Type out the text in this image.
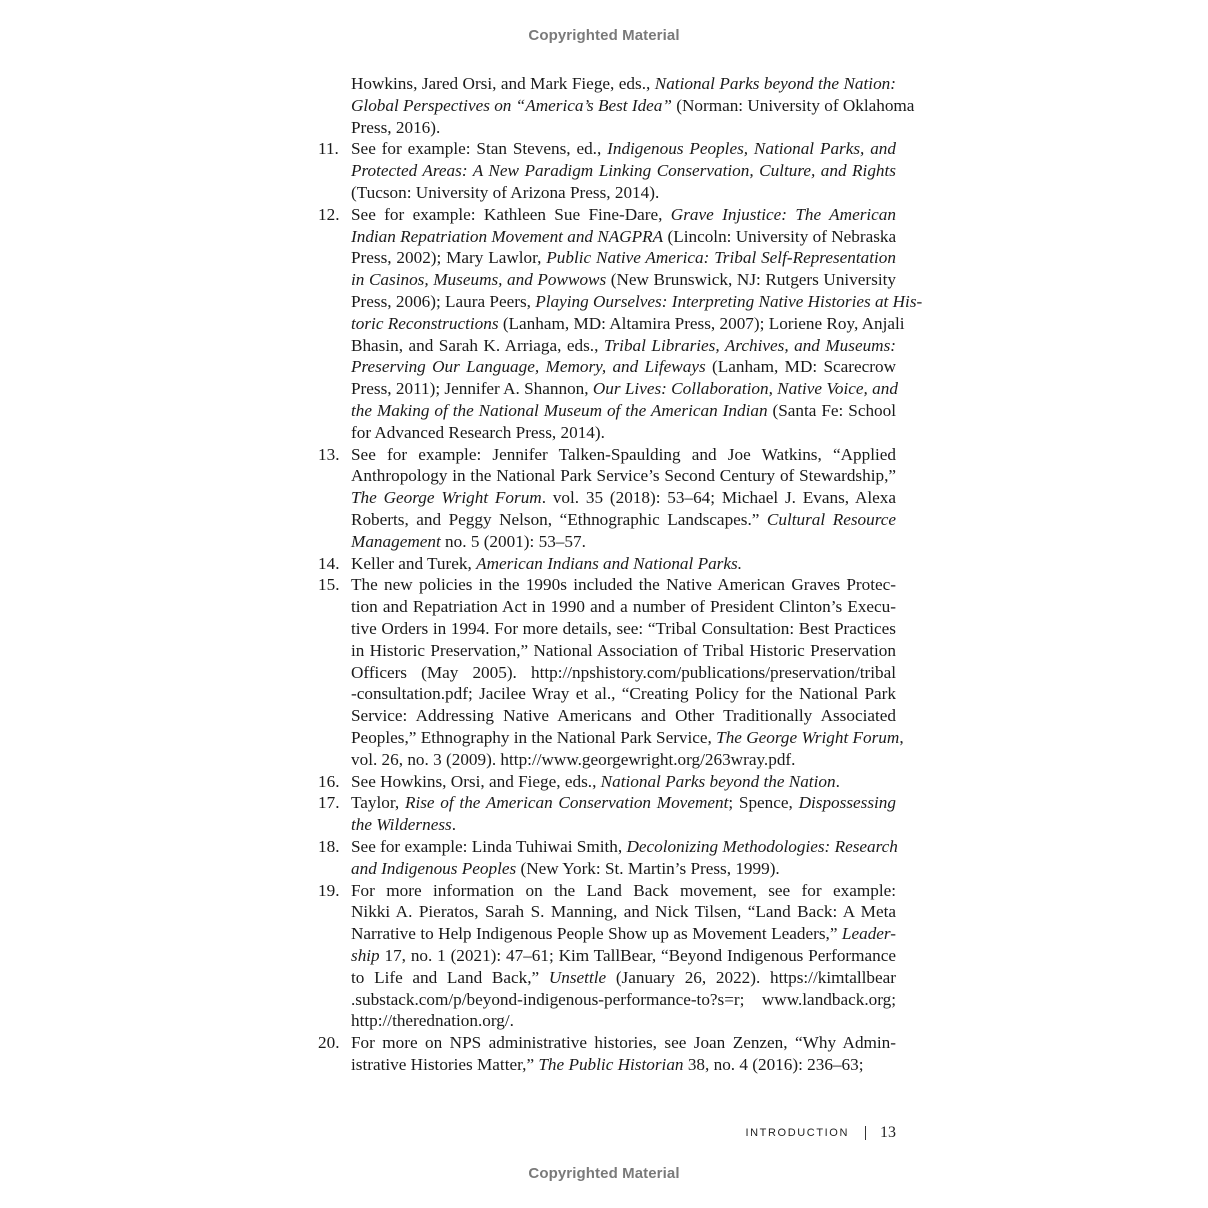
Copyrighted Material
Howkins, Jared Orsi, and Mark Fiege, eds., National Parks beyond the Nation:
Global Perspectives on “America’s Best Idea” (Norman: University of Oklahoma
Press, 2016).
11. See for example: Stan Stevens, ed., Indigenous Peoples, National Parks, and
Protected Areas: A New Paradigm Linking Conservation, Culture, and Rights
(Tucson: University of Arizona Press, 2014).
12. See for example: Kathleen Sue Fine-Dare, Grave Injustice: The American
Indian Repatriation Movement and NAGPRA (Lincoln: University of Nebraska
Press, 2002); Mary Lawlor, Public Native America: Tribal Self-Representation
in Casinos, Museums, and Powwows (New Brunswick, NJ: Rutgers University
Press, 2006); Laura Peers, Playing Ourselves: Interpreting Native Histories at His-
toric Reconstructions (Lanham, MD: Altamira Press, 2007); Loriene Roy, Anjali
Bhasin, and Sarah K. Arriaga, eds., Tribal Libraries, Archives, and Museums:
Preserving Our Language, Memory, and Lifeways (Lanham, MD: Scarecrow
Press, 2011); Jennifer A. Shannon, Our Lives: Collaboration, Native Voice, and
the Making of the National Museum of the American Indian (Santa Fe: School
for Advanced Research Press, 2014).
13. See for example: Jennifer Talken-Spaulding and Joe Watkins, “Applied
Anthropology in the National Park Service’s Second Century of Stewardship,”
The George Wright Forum. vol. 35 (2018): 53–64; Michael J. Evans, Alexa
Roberts, and Peggy Nelson, “Ethnographic Landscapes.” Cultural Resource
Management no. 5 (2001): 53–57.
14. Keller and Turek, American Indians and National Parks.
15. The new policies in the 1990s included the Native American Graves Protec-
tion and Repatriation Act in 1990 and a number of President Clinton’s Execu-
tive Orders in 1994. For more details, see: “Tribal Consultation: Best Practices
in Historic Preservation,” National Association of Tribal Historic Preservation
Officers (May 2005). http://npshistory.com/publications/preservation/tribal
-consultation.pdf; Jacilee Wray et al., “Creating Policy for the National Park
Service: Addressing Native Americans and Other Traditionally Associated
Peoples,” Ethnography in the National Park Service, The George Wright Forum,
vol. 26, no. 3 (2009). http://www.georgewright.org/263wray.pdf.
16. See Howkins, Orsi, and Fiege, eds., National Parks beyond the Nation.
17. Taylor, Rise of the American Conservation Movement; Spence, Dispossessing
the Wilderness.
18. See for example: Linda Tuhiwai Smith, Decolonizing Methodologies: Research
and Indigenous Peoples (New York: St. Martin’s Press, 1999).
19. For more information on the Land Back movement, see for example:
Nikki A. Pieratos, Sarah S. Manning, and Nick Tilsen, “Land Back: A Meta
Narrative to Help Indigenous People Show up as Movement Leaders,” Leader-
ship 17, no. 1 (2021): 47–61; Kim TallBear, “Beyond Indigenous Performance
to Life and Land Back,” Unsettle (January 26, 2022). https://kimtallbear
.substack.com/p/beyond-indigenous-performance-to?s=r; www.landback.org;
http://therednation.org/.
20. For more on NPS administrative histories, see Joan Zenzen, “Why Admin-
istrative Histories Matter,” The Public Historian 38, no. 4 (2016): 236–63;
INTRODUCTION 13
Copyrighted Material
